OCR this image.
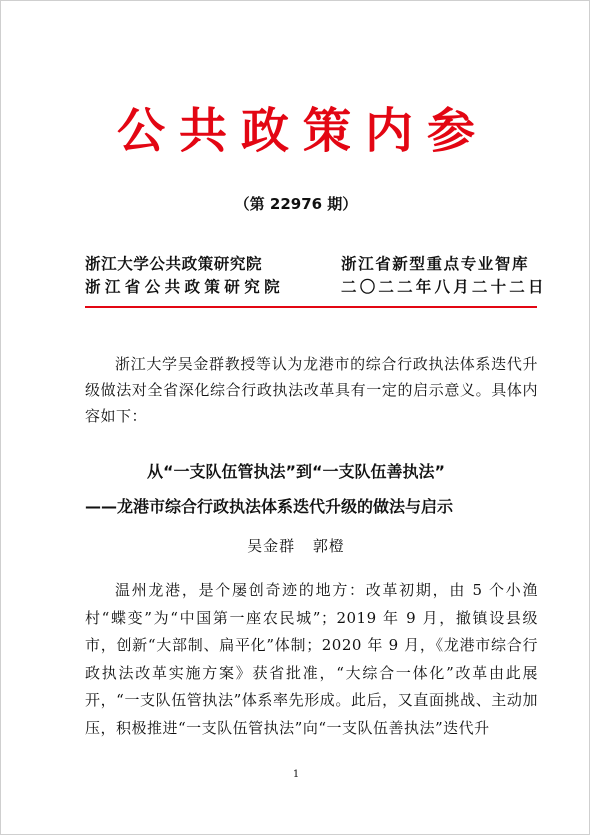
公共政策内参
（第 22976 期）
浙江大学公共政策研究院
浙江省公共政策研究院
浙江省新型重点专业智库
二〇二二年八月二十二日
浙江大学吴金群教授等认为龙港市的综合行政执法体系迭代升级做法对全省深化综合行政执法改革具有一定的启示意义。具体内容如下：
从“一支队伍管执法”到“一支队伍善执法”
——龙港市综合行政执法体系迭代升级的做法与启示
吴金群 郭橙
温州龙港，是个屡创奇迹的地方：改革初期，由 5 个小渔村“蝶变”为“中国第一座农民城”；2019 年 9 月，撤镇设县级市，创新“大部制、扁平化”体制；2020 年 9 月，《龙港市综合行政执法改革实施方案》获省批准，“大综合一体化”改革由此展开，“一支队伍管执法”体系率先形成。此后，又直面挑战、主动加压，积极推进“一支队伍管执法”向“一支队伍善执法”迭代升
1
